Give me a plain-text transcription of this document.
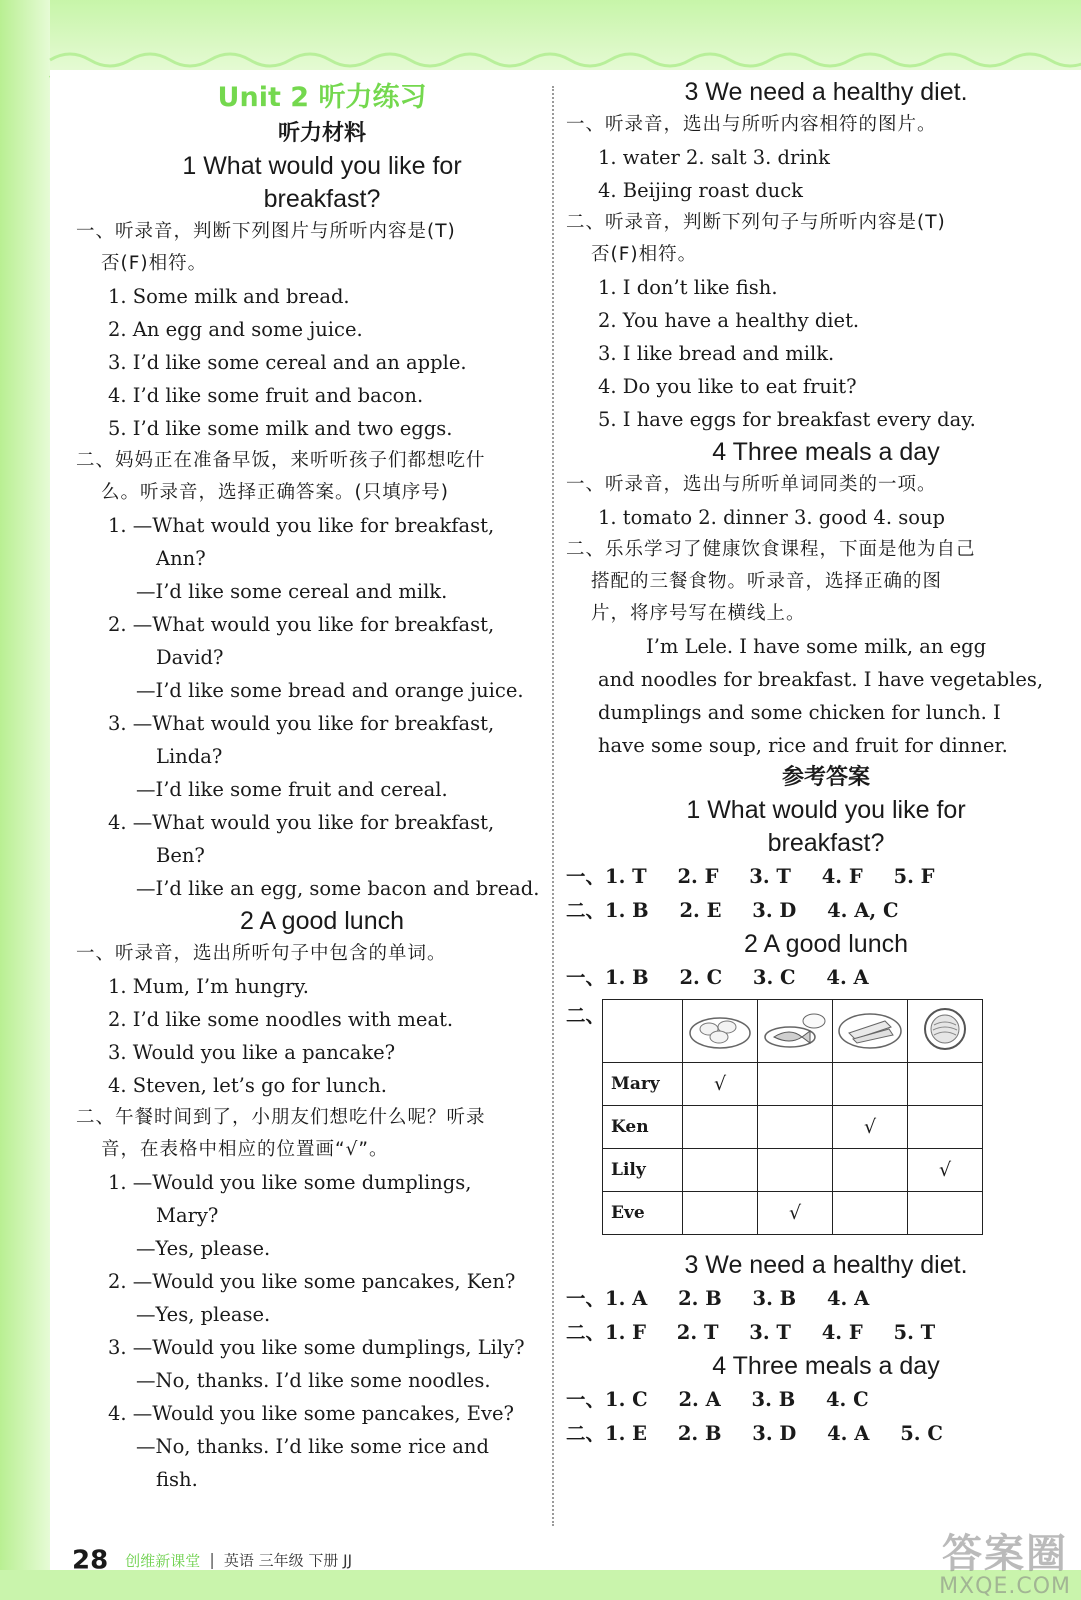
Unit 2 听力练习
听力材料
1 What would you like for
breakfast?
一、听录音，判断下列图片与所听内容是(T)
否(F)相符。
1. Some milk and bread.
2. An egg and some juice.
3. I’d like some cereal and an apple.
4. I’d like some fruit and bacon.
5. I’d like some milk and two eggs.
二、妈妈正在准备早饭，来听听孩子们都想吃什
么。听录音，选择正确答案。(只填序号)
1. —What would you like for breakfast,
Ann?
—I’d like some cereal and milk.
2. —What would you like for breakfast,
David?
—I’d like some bread and orange juice.
3. —What would you like for breakfast,
Linda?
—I’d like some fruit and cereal.
4. —What would you like for breakfast,
Ben?
—I’d like an egg, some bacon and bread.
2 A good lunch
一、听录音，选出所听句子中包含的单词。
1. Mum, I’m hungry.
2. I’d like some noodles with meat.
3. Would you like a pancake?
4. Steven, let’s go for lunch.
二、午餐时间到了，小朋友们想吃什么呢？听录
音，在表格中相应的位置画“√”。
1. —Would you like some dumplings,
Mary?
—Yes, please.
2. —Would you like some pancakes, Ken?
—Yes, please.
3. —Would you like some dumplings, Lily?
—No, thanks. I’d like some noodles.
4. —Would you like some pancakes, Eve?
—No, thanks. I’d like some rice and
fish.
3 We need a healthy diet.
一、听录音，选出与所听内容相符的图片。
1. water 2. salt 3. drink
4. Beijing roast duck
二、听录音，判断下列句子与所听内容是(T)
否(F)相符。
1. I don’t like fish.
2. You have a healthy diet.
3. I like bread and milk.
4. Do you like to eat fruit?
5. I have eggs for breakfast every day.
4 Three meals a day
一、听录音，选出与所听单词同类的一项。
1. tomato 2. dinner 3. good 4. soup
二、乐乐学习了健康饮食课程，下面是他为自己
搭配的三餐食物。听录音，选择正确的图
片，将序号写在横线上。
I’m Lele. I have some milk, an egg
and noodles for breakfast. I have vegetables,
dumplings and some chicken for lunch. I
have some soup, rice and fruit for dinner.
参考答案
1 What would you like for
breakfast?
一、1. T 2. F 3. T 4. F 5. F
二、1. B 2. E 3. D 4. A, C
2 A good lunch
一、1. B 2. C 3. C 4. A
二、

Mary	√			
Ken			√	
Lily				√
Eve		√		
3 We need a healthy diet.
一、1. A 2. B 3. B 4. A
二、1. F 2. T 3. T 4. F 5. T
4 Three meals a day
一、1. C 2. A 3. B 4. C
二、1. E 2. B 3. D 4. A 5. C
28 创维新课堂 | 英语 三年级 下册 JJ	答案圈
MXQE.COM
